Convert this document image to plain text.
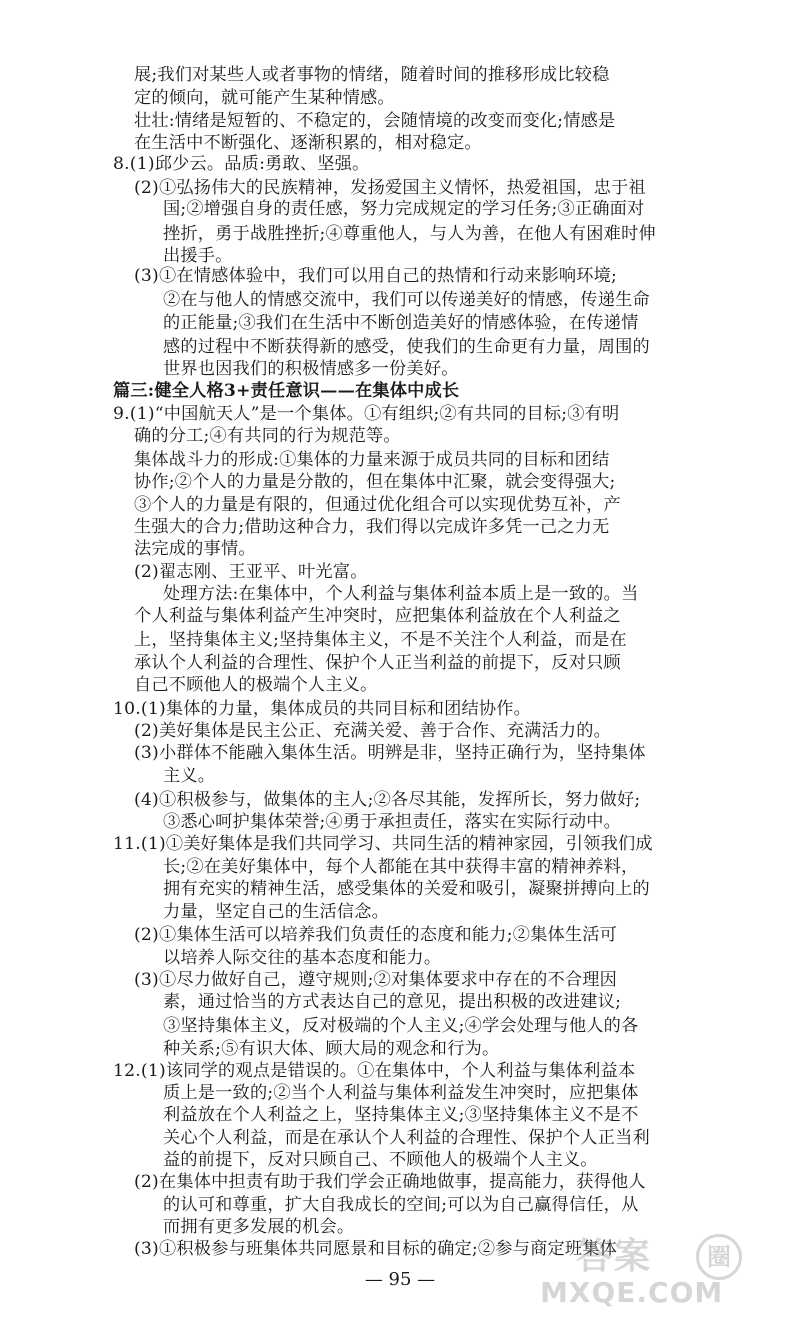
展;我们对某些人或者事物的情绪，随着时间的推移形成比较稳
定的倾向，就可能产生某种情感。
壮壮:情绪是短暂的、不稳定的，会随情境的改变而变化;情感是
在生活中不断强化、逐渐积累的，相对稳定。
8.(1)邱少云。品质:勇敢、坚强。
(2)①弘扬伟大的民族精神，发扬爱国主义情怀，热爱祖国，忠于祖
国;②增强自身的责任感，努力完成规定的学习任务;③正确面对
挫折，勇于战胜挫折;④尊重他人，与人为善，在他人有困难时伸
出援手。
(3)①在情感体验中，我们可以用自己的热情和行动来影响环境;
②在与他人的情感交流中，我们可以传递美好的情感，传递生命
的正能量;③我们在生活中不断创造美好的情感体验，在传递情
感的过程中不断获得新的感受，使我们的生命更有力量，周围的
世界也因我们的积极情感多一份美好。
篇三:健全人格3+责任意识——在集体中成长
9.(1)“中国航天人”是一个集体。①有组织;②有共同的目标;③有明
确的分工;④有共同的行为规范等。
集体战斗力的形成:①集体的力量来源于成员共同的目标和团结
协作;②个人的力量是分散的，但在集体中汇聚，就会变得强大;
③个人的力量是有限的，但通过优化组合可以实现优势互补，产
生强大的合力;借助这种合力，我们得以完成许多凭一己之力无
法完成的事情。
(2)翟志刚、王亚平、叶光富。
处理方法:在集体中，个人利益与集体利益本质上是一致的。当
个人利益与集体利益产生冲突时，应把集体利益放在个人利益之
上，坚持集体主义;坚持集体主义，不是不关注个人利益，而是在
承认个人利益的合理性、保护个人正当利益的前提下，反对只顾
自己不顾他人的极端个人主义。
10.(1)集体的力量，集体成员的共同目标和团结协作。
(2)美好集体是民主公正、充满关爱、善于合作、充满活力的。
(3)小群体不能融入集体生活。明辨是非，坚持正确行为，坚持集体
主义。
(4)①积极参与，做集体的主人;②各尽其能，发挥所长，努力做好;
③悉心呵护集体荣誉;④勇于承担责任，落实在实际行动中。
11.(1)①美好集体是我们共同学习、共同生活的精神家园，引领我们成
长;②在美好集体中，每个人都能在其中获得丰富的精神养料，
拥有充实的精神生活，感受集体的关爱和吸引，凝聚拼搏向上的
力量，坚定自己的生活信念。
(2)①集体生活可以培养我们负责任的态度和能力;②集体生活可
以培养人际交往的基本态度和能力。
(3)①尽力做好自己，遵守规则;②对集体要求中存在的不合理因
素，通过恰当的方式表达自己的意见，提出积极的改进建议;
③坚持集体主义，反对极端的个人主义;④学会处理与他人的各
种关系;⑤有识大体、顾大局的观念和行为。
12.(1)该同学的观点是错误的。①在集体中，个人利益与集体利益本
质上是一致的;②当个人利益与集体利益发生冲突时，应把集体
利益放在个人利益之上，坚持集体主义;③坚持集体主义不是不
关心个人利益，而是在承认个人利益的合理性、保护个人正当利
益的前提下，反对只顾自己、不顾他人的极端个人主义。
(2)在集体中担责有助于我们学会正确地做事，提高能力，获得他人
的认可和尊重，扩大自我成长的空间;可以为自己赢得信任，从
而拥有更多发展的机会。
(3)①积极参与班集体共同愿景和目标的确定;②参与商定班集体
— 95 —
答案	圈
MXQE.COM
